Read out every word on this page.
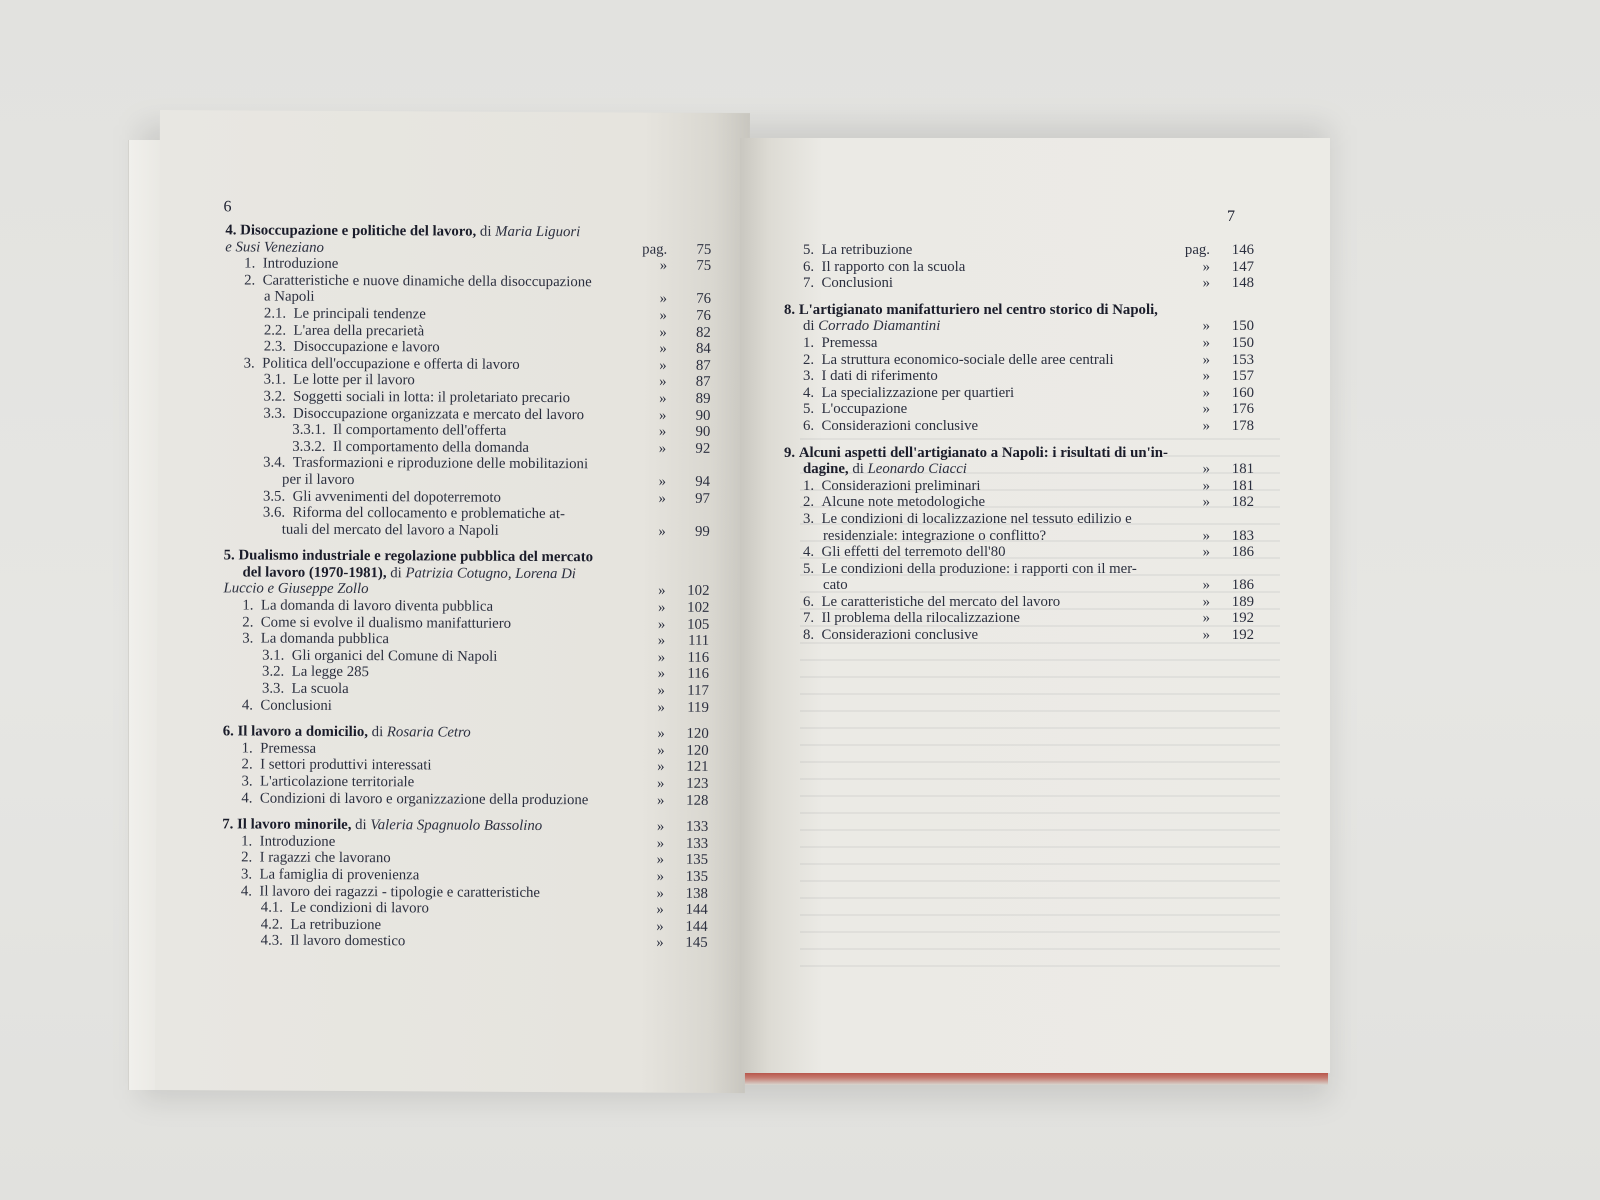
6
4. Disoccupazione e politiche del lavoro, di Maria Liguori
e Susi Veneziano	pag.	75
1.  Introduzione	»	75
2.  Caratteristiche e nuove dinamiche della disoccupazione
a Napoli	»	76
2.1.  Le principali tendenze	»	76
2.2.  L'area della precarietà	»	82
2.3.  Disoccupazione e lavoro	»	84
3.  Politica dell'occupazione e offerta di lavoro	»	87
3.1.  Le lotte per il lavoro	»	87
3.2.  Soggetti sociali in lotta: il proletariato precario	»	89
3.3.  Disoccupazione organizzata e mercato del lavoro	»	90
3.3.1.  Il comportamento dell'offerta	»	90
3.3.2.  Il comportamento della domanda	»	92
3.4.  Trasformazioni e riproduzione delle mobilitazioni
per il lavoro	»	94
3.5.  Gli avvenimenti del dopoterremoto	»	97
3.6.  Riforma del collocamento e problematiche at-
tuali del mercato del lavoro a Napoli	»	99
5. Dualismo industriale e regolazione pubblica del mercato
del lavoro (1970-1981), di Patrizia Cotugno, Lorena Di
Luccio e Giuseppe Zollo	»	102
1.  La domanda di lavoro diventa pubblica	»	102
2.  Come si evolve il dualismo manifatturiero	»	105
3.  La domanda pubblica	»	111
3.1.  Gli organici del Comune di Napoli	»	116
3.2.  La legge 285	»	116
3.3.  La scuola	»	117
4.  Conclusioni	»	119
6. Il lavoro a domicilio, di Rosaria Cetro	»	120
1.  Premessa	»	120
2.  I settori produttivi interessati	»	121
3.  L'articolazione territoriale	»	123
4.  Condizioni di lavoro e organizzazione della produzione	»	128
7. Il lavoro minorile, di Valeria Spagnuolo Bassolino	»	133
1.  Introduzione	»	133
2.  I ragazzi che lavorano	»	135
3.  La famiglia di provenienza	»	135
4.  Il lavoro dei ragazzi - tipologie e caratteristiche	»	138
4.1.  Le condizioni di lavoro	»	144
4.2.  La retribuzione	»	144
4.3.  Il lavoro domestico	»	145
7
5.  La retribuzione	pag.	146
6.  Il rapporto con la scuola	»	147
7.  Conclusioni	»	148
8. L'artigianato manifatturiero nel centro storico di Napoli,
di Corrado Diamantini	»	150
1.  Premessa	»	150
2.  La struttura economico-sociale delle aree centrali	»	153
3.  I dati di riferimento	»	157
4.  La specializzazione per quartieri	»	160
5.  L'occupazione	»	176
6.  Considerazioni conclusive	»	178
9. Alcuni aspetti dell'artigianato a Napoli: i risultati di un'in-
dagine, di Leonardo Ciacci	»	181
1.  Considerazioni preliminari	»	181
2.  Alcune note metodologiche	»	182
3.  Le condizioni di localizzazione nel tessuto edilizio e
residenziale: integrazione o conflitto?	»	183
4.  Gli effetti del terremoto dell'80	»	186
5.  Le condizioni della produzione: i rapporti con il mer-
cato	»	186
6.  Le caratteristiche del mercato del lavoro	»	189
7.  Il problema della rilocalizzazione	»	192
8.  Considerazioni conclusive	»	192
